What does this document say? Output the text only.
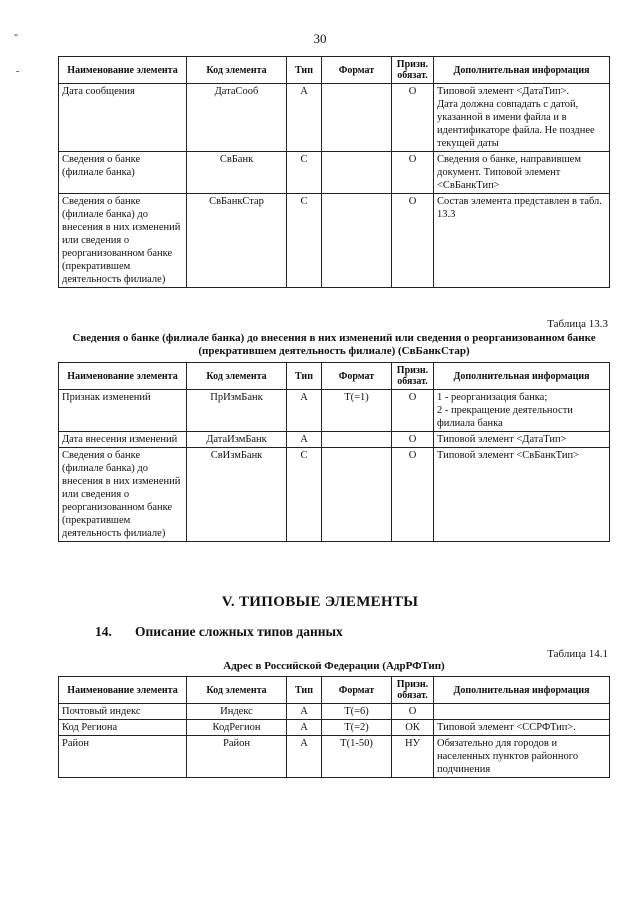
30
"
-	Наименование элемента	Код элемента	Тип	Формат	Призн. обязат.	Дополнительная информация
Дата сообщения	ДатаСооб	А		О	Типовой элемент <ДатаТип>.
Дата должна совпадать с датой, указанной в имени файла и в идентификаторе файла. Не позднее текущей даты
Сведения о банке (филиале банка)	СвБанк	С		О	Сведения о банке, направившем документ. Типовой элемент <СвБанкТип>
Сведения о банке (филиале банка) до внесения в них изменений или сведения о реорганизованном банке (прекратившем деятельность филиале)	СвБанкСтар	С		О	Состав элемента представлен в табл. 13.3
Таблица 13.3
Сведения о банке (филиале банка) до внесения в них изменений или сведения о реорганизованном банке (прекратившем деятельность филиале) (СвБанкСтар)
Наименование элемента	Код элемента	Тип	Формат	Призн. обязат.	Дополнительная информация
Признак изменений	ПрИзмБанк	А	Т(=1)	О	1 - реорганизация банка;
2 - прекращение деятельности филиала банка
Дата внесения изменений	ДатаИзмБанк	А		О	Типовой элемент <ДатаТип>
Сведения о банке (филиале банка) до внесения в них изменений или сведения о реорганизованном банке (прекратившем деятельность филиале)	СвИзмБанк	С		О	Типовой элемент <СвБанкТип>
V. ТИПОВЫЕ ЭЛЕМЕНТЫ
14. Описание сложных типов данных
Таблица 14.1
Адрес в Российской Федерации (АдрРФТип)
Наименование элемента	Код элемента	Тип	Формат	Призн. обязат.	Дополнительная информация
Почтовый индекс	Индекс	А	Т(=6)	О	
Код Региона	КодРегион	А	Т(=2)	ОК	Типовой элемент <ССРФТип>.
Район	Район	А	Т(1-50)	НУ	Обязательно для городов и населенных пунктов районного подчинения
